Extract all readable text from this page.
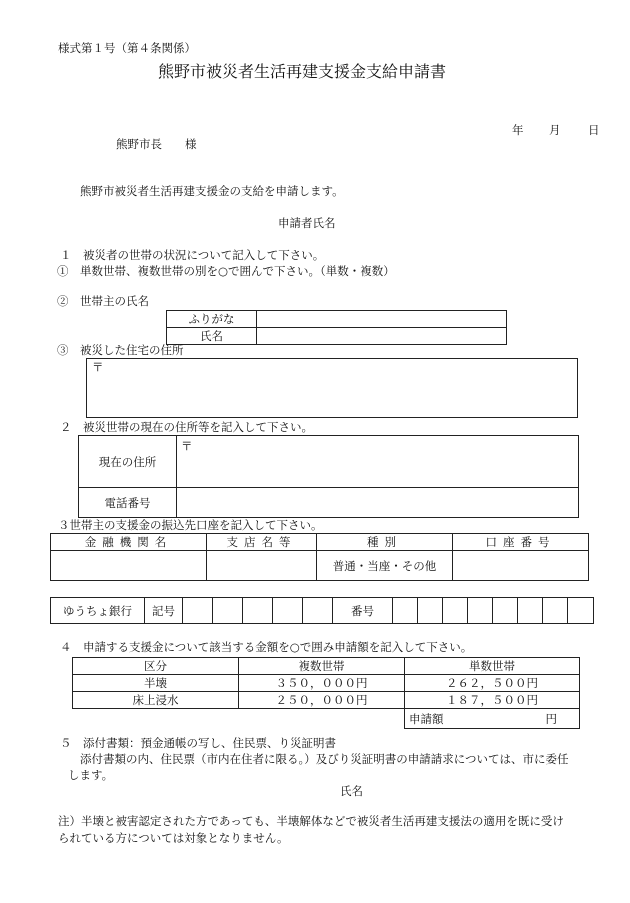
様式第１号（第４条関係）
熊野市被災者生活再建支援金支給申請書
年 月 日
熊野市長　　様
熊野市被災者生活再建支援金の支給を申請します。
申請者氏名
１　被災者の世帯の状況について記入して下さい。
①　単数世帯、複数世帯の別を○で囲んで下さい。（単数・複数）
②　世帯主の氏名
ふりがな	
氏名	
③　被災した住宅の住所
〒
２　被災世帯の現在の住所等を記入して下さい。
現在の住所	〒
電話番号	
３世帯主の支援金の振込先口座を記入して下さい。
金融機関名	支店名等	種別	口座番号
		普通・当座・その他	
ゆうちょ銀行	記号						番号								
４　申請する支援金について該当する金額を○で囲み申請額を記入して下さい。
区分	複数世帯	単数世帯
半壊	３５０，０００円	２６２，５００円
床上浸水	２５０，０００円	１８７，５００円
		申請額 円
５　添付書類：預金通帳の写し、住民票、り災証明書
添付書類の内、住民票（市内在住者に限る。）及びり災証明書の申請請求については、市に委任
します。
氏名
注）半壊と被害認定された方であっても、半壊解体などで被災者生活再建支援法の適用を既に受け
られている方については対象となりません。
